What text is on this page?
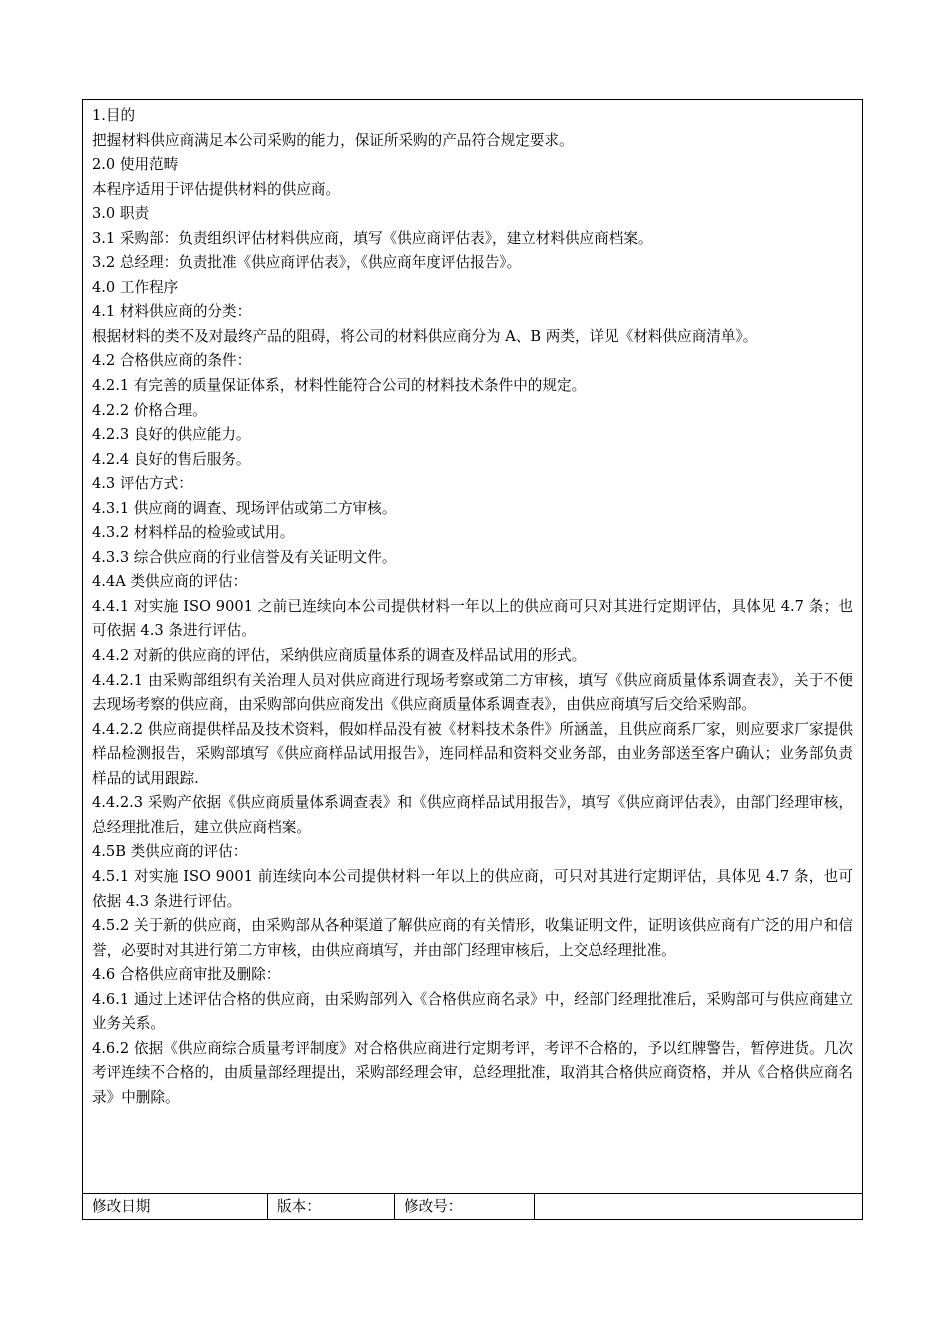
1.目的
把握材料供应商满足本公司采购的能力，保证所采购的产品符合规定要求。
2.0 使用范畴
本程序适用于评估提供材料的供应商。
3.0 职责
3.1 采购部：负责组织评估材料供应商，填写《供应商评估表》，建立材料供应商档案。
3.2 总经理：负责批准《供应商评估表》，《供应商年度评估报告》。
4.0 工作程序
4.1 材料供应商的分类：
根据材料的类不及对最终产品的阻碍，将公司的材料供应商分为 A、B 两类，详见《材料供应商清单》。
4.2 合格供应商的条件：
4.2.1 有完善的质量保证体系，材料性能符合公司的材料技术条件中的规定。
4.2.2 价格合理。
4.2.3 良好的供应能力。
4.2.4 良好的售后服务。
4.3 评估方式：
4.3.1 供应商的调查、现场评估或第二方审核。
4.3.2 材料样品的检验或试用。
4.3.3 综合供应商的行业信誉及有关证明文件。
4.4A 类供应商的评估：
4.4.1 对实施 ISO 9001 之前已连续向本公司提供材料一年以上的供应商可只对其进行定期评估，具体见 4.7 条；也可依据 4.3 条进行评估。
4.4.2 对新的供应商的评估，采纳供应商质量体系的调查及样品试用的形式。
4.4.2.1 由采购部组织有关治理人员对供应商进行现场考察或第二方审核，填写《供应商质量体系调查表》，关于不便去现场考察的供应商，由采购部向供应商发出《供应商质量体系调查表》，由供应商填写后交给采购部。
4.4.2.2 供应商提供样品及技术资料，假如样品没有被《材料技术条件》所涵盖，且供应商系厂家，则应要求厂家提供样品检测报告，采购部填写《供应商样品试用报告》，连同样品和资料交业务部，由业务部送至客户确认；业务部负责样品的试用跟踪.
4.4.2.3 采购产依据《供应商质量体系调查表》和《供应商样品试用报告》，填写《供应商评估表》，由部门经理审核，总经理批准后，建立供应商档案。
4.5B 类供应商的评估：
4.5.1 对实施 ISO 9001 前连续向本公司提供材料一年以上的供应商，可只对其进行定期评估，具体见 4.7 条，也可依据 4.3 条进行评估。
4.5.2 关于新的供应商，由采购部从各种渠道了解供应商的有关情形，收集证明文件，证明该供应商有广泛的用户和信誉，必要时对其进行第二方审核，由供应商填写，并由部门经理审核后，上交总经理批准。
4.6 合格供应商审批及删除：
4.6.1 通过上述评估合格的供应商，由采购部列入《合格供应商名录》中，经部门经理批准后，采购部可与供应商建立业务关系。
4.6.2 依据《供应商综合质量考评制度》对合格供应商进行定期考评，考评不合格的，予以红牌警告，暂停进货。几次考评连续不合格的，由质量部经理提出，采购部经理会审，总经理批准，取消其合格供应商资格，并从《合格供应商名录》中删除。
修改日期	版本：	修改号：
